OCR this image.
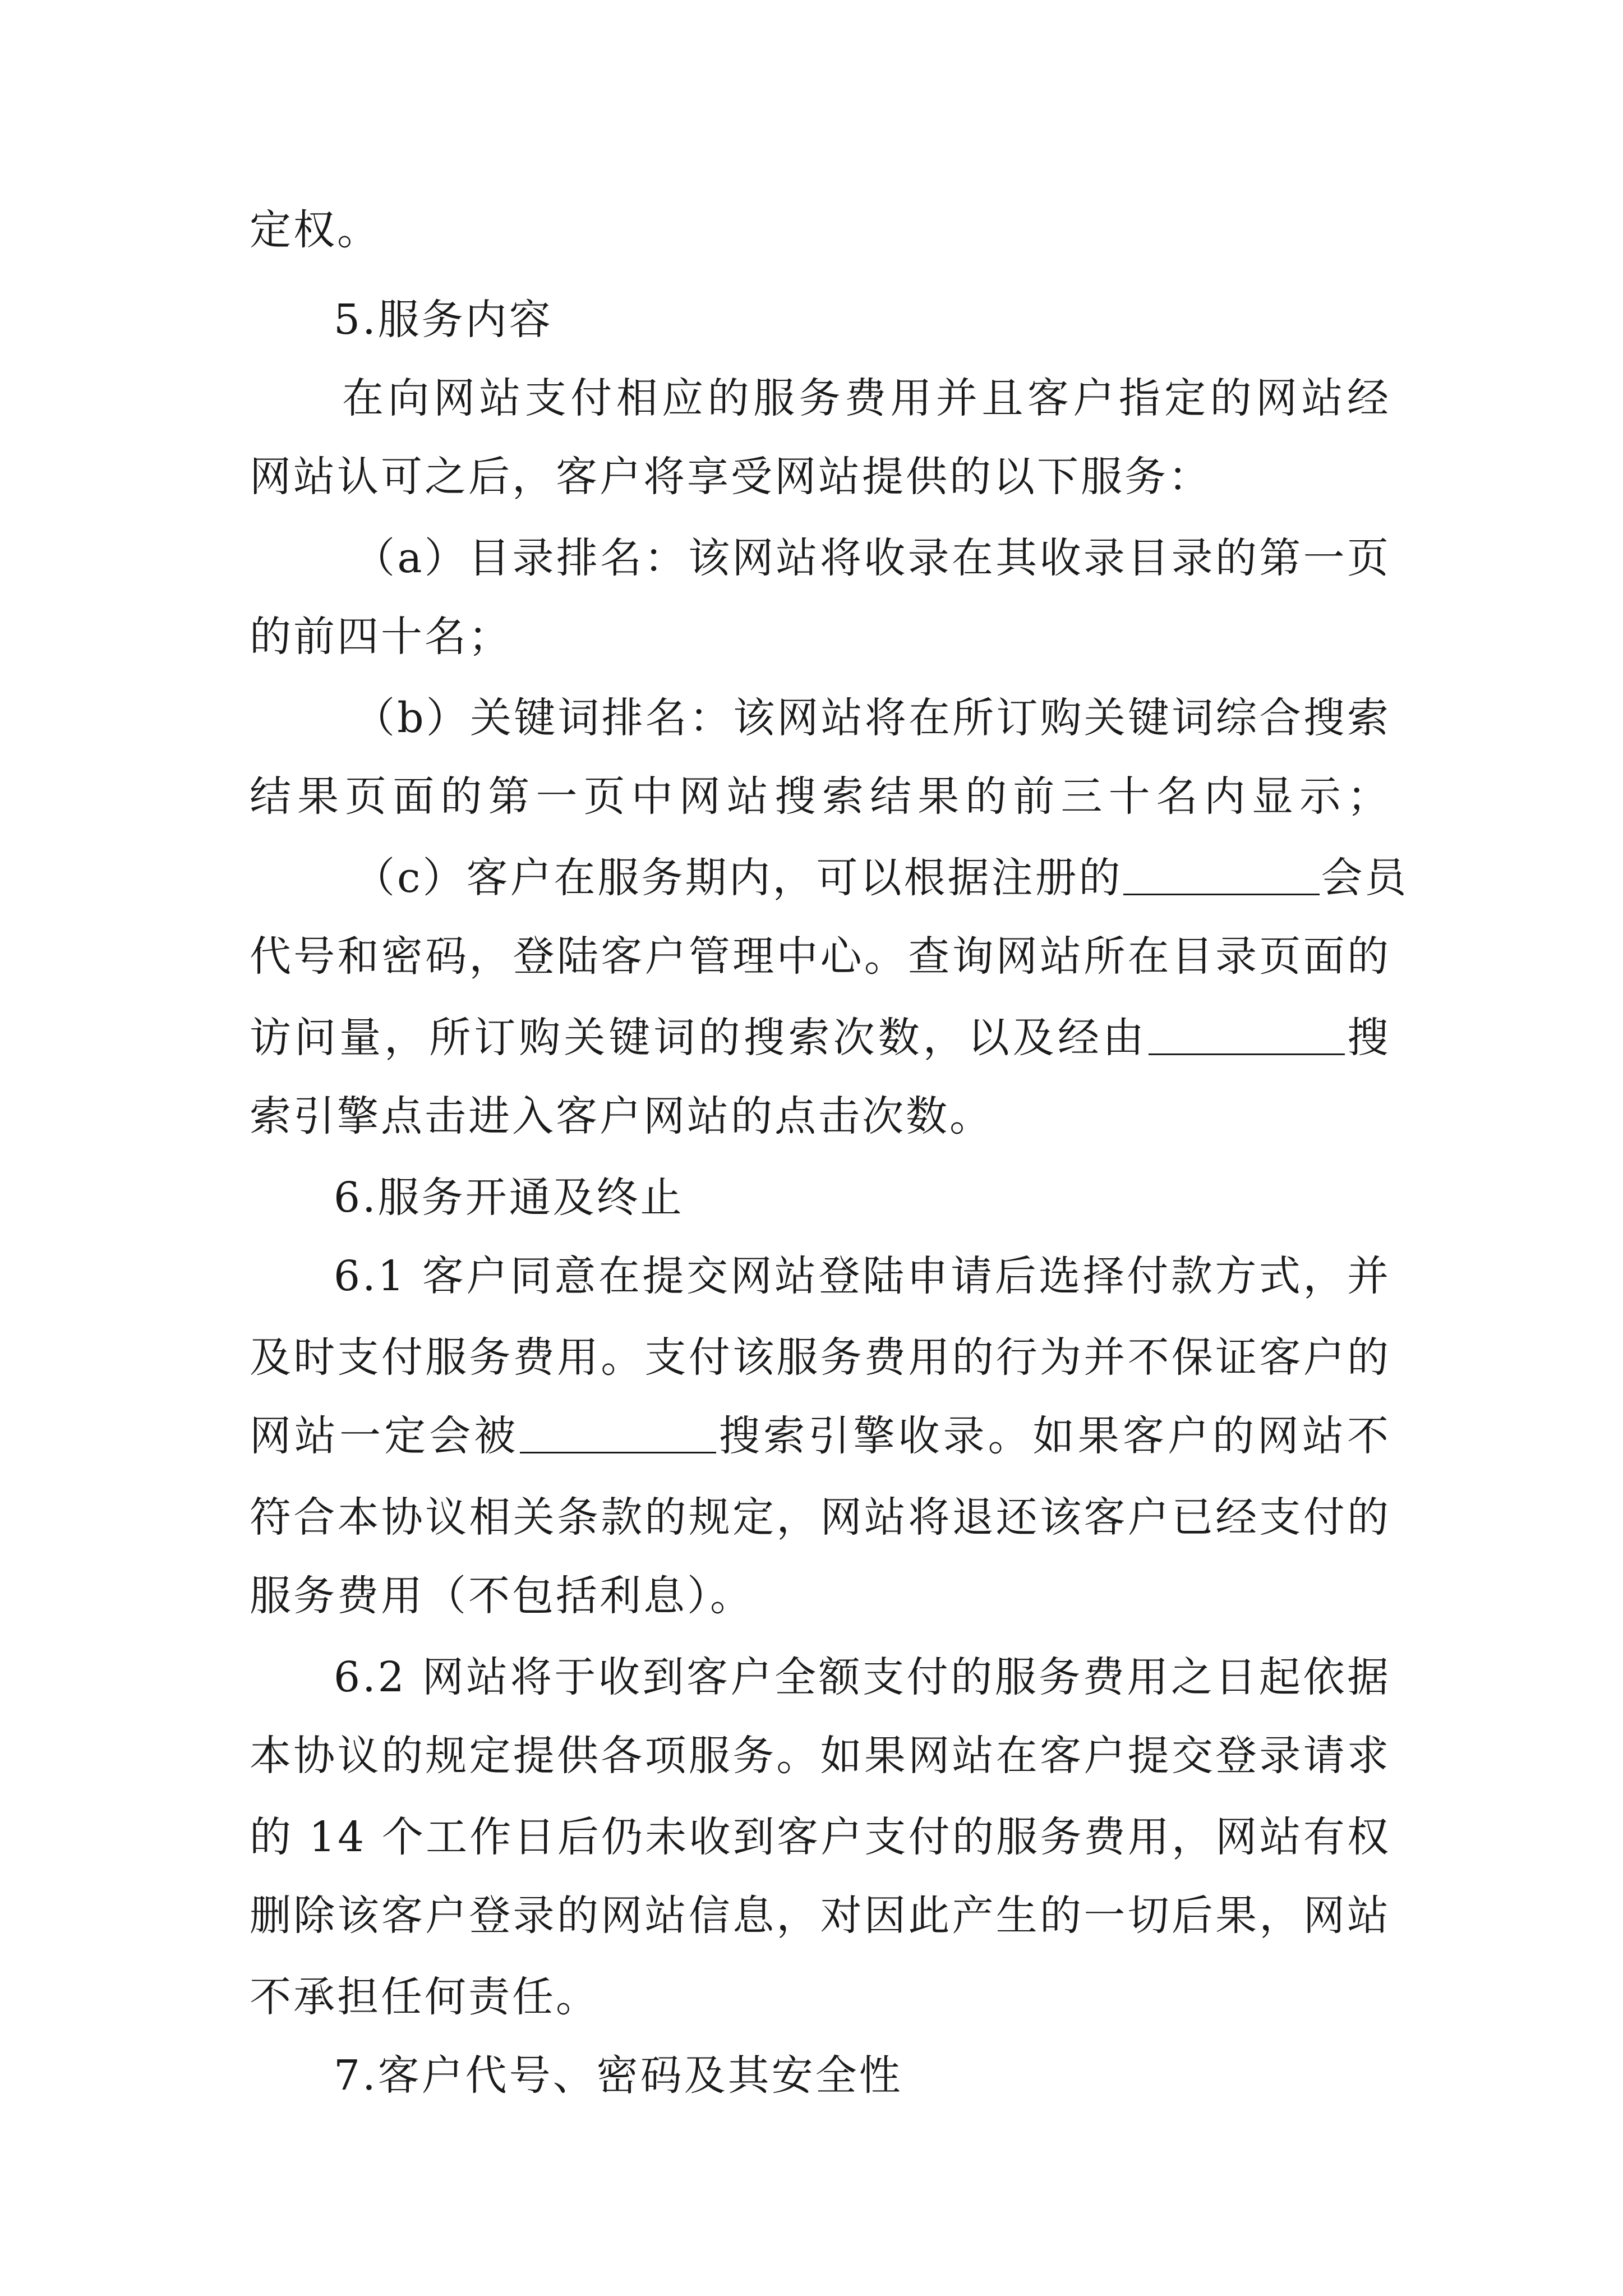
定权。
5.服务内容
在向网站支付相应的服务费用并且客户指定的网站经
网站认可之后，客户将享受网站提供的以下服务：
（a）目录排名：该网站将收录在其收录目录的第一页
的前四十名；
（b）关键词排名：该网站将在所订购关键词综合搜索
结果页面的第一页中网站搜索结果的前三十名内显示；
（c）客户在服务期内，可以根据注册的	会员
代号和密码，登陆客户管理中心。查询网站所在目录页面的
访问量，所订购关键词的搜索次数，以及经由	搜
索引擎点击进入客户网站的点击次数。
6.服务开通及终止
6.1 客户同意在提交网站登陆申请后选择付款方式，并
及时支付服务费用。支付该服务费用的行为并不保证客户的
网站一定会被	搜索引擎收录。如果客户的网站不
符合本协议相关条款的规定，网站将退还该客户已经支付的
服务费用（不包括利息）。
6.2 网站将于收到客户全额支付的服务费用之日起依据
本协议的规定提供各项服务。如果网站在客户提交登录请求
的 14 个工作日后仍未收到客户支付的服务费用，网站有权
删除该客户登录的网站信息，对因此产生的一切后果，网站
不承担任何责任。
7.客户代号、密码及其安全性
